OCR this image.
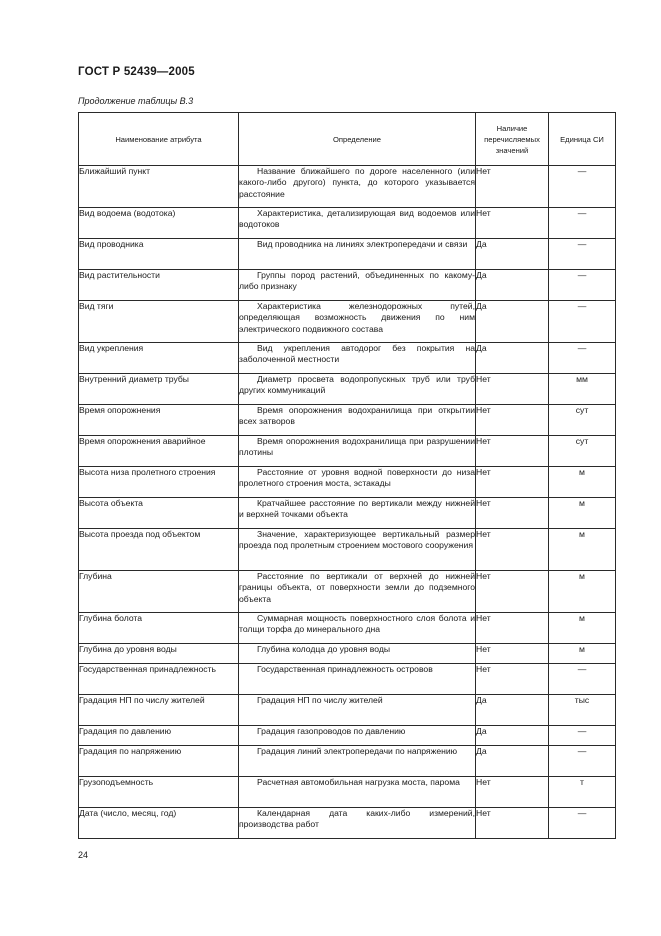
ГОСТ Р 52439—2005
Продолжение таблицы В.3
Наименование атрибута	Определение	Наличие перечисляемых значений	Единица СИ
Ближайший пункт	Название ближайшего по дороге населенного (или какого-либо другого) пункта, до которого указывается расстояние	Нет	—
Вид водоема (водотока)	Характеристика, детализирующая вид водоемов или водотоков	Нет	—
Вид проводника	Вид проводника на линиях электропередачи и связи	Да	—
Вид растительности	Группы пород растений, объединенных по какому-либо признаку	Да	—
Вид тяги	Характеристика железнодорожных путей, определяющая возможность движения по ним электрического подвижного состава	Да	—
Вид укрепления	Вид укрепления автодорог без покрытия на заболоченной местности	Да	—
Внутренний диаметр трубы	Диаметр просвета водопропускных труб или труб других коммуникаций	Нет	мм
Время опорожнения	Время опорожнения водохранилища при открытии всех затворов	Нет	сут
Время опорожнения аварийное	Время опорожнения водохранилища при разрушении плотины	Нет	сут
Высота низа пролетного строения	Расстояние от уровня водной поверхности до низа пролетного строения моста, эстакады	Нет	м
Высота объекта	Кратчайшее расстояние по вертикали между нижней и верхней точками объекта	Нет	м
Высота проезда под объектом	Значение, характеризующее вертикальный размер проезда под пролетным строением мостового сооружения	Нет	м
Глубина	Расстояние по вертикали от верхней до нижней границы объекта, от поверхности земли до подземного объекта	Нет	м
Глубина болота	Суммарная мощность поверхностного слоя болота и толщи торфа до минерального дна	Нет	м
Глубина до уровня воды	Глубина колодца до уровня воды	Нет	м
Государственная принадлежность	Государственная принадлежность островов	Нет	—
Градация НП по числу жителей	Градация НП по числу жителей	Да	тыс
Градация по давлению	Градация газопроводов по давлению	Да	—
Градация по напряжению	Градация линий электропередачи по напряжению	Да	—
Грузоподъемность	Расчетная автомобильная нагрузка моста, парома	Нет	т
Дата (число, месяц, год)	Календарная дата каких-либо измерений, производства работ	Нет	—
24
